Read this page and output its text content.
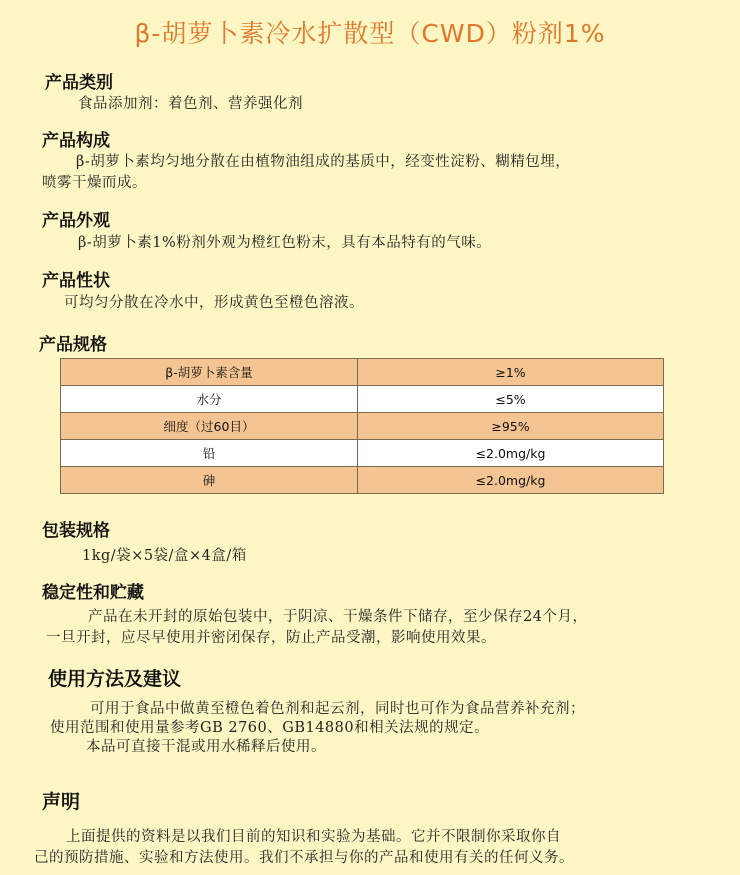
β-胡萝卜素冷水扩散型（CWD）粉剂1%
产品类别
食品添加剂：着色剂、营养强化剂
产品构成
β-胡萝卜素均匀地分散在由植物油组成的基质中，经变性淀粉、糊精包埋，
喷雾干燥而成。
产品外观
β-胡萝卜素1%粉剂外观为橙红色粉末，具有本品特有的气味。
产品性状
可均匀分散在冷水中，形成黄色至橙色溶液。
产品规格
β-胡萝卜素含量	≥1%
水分	≤5%
细度（过60目）	≥95%
铅	≤2.0mg/kg
砷	≤2.0mg/kg
包装规格
1kg/袋×5袋/盒×4盒/箱
稳定性和贮藏
产品在未开封的原始包装中，于阴凉、干燥条件下储存，至少保存24个月，
一旦开封，应尽早使用并密闭保存，防止产品受潮，影响使用效果。
使用方法及建议
可用于食品中做黄至橙色着色剂和起云剂，同时也可作为食品营养补充剂；
使用范围和使用量参考GB 2760、GB14880和相关法规的规定。
本品可直接干混或用水稀释后使用。
声明
上面提供的资料是以我们目前的知识和实验为基础。它并不限制你采取你自
己的预防措施、实验和方法使用。我们不承担与你的产品和使用有关的任何义务。
